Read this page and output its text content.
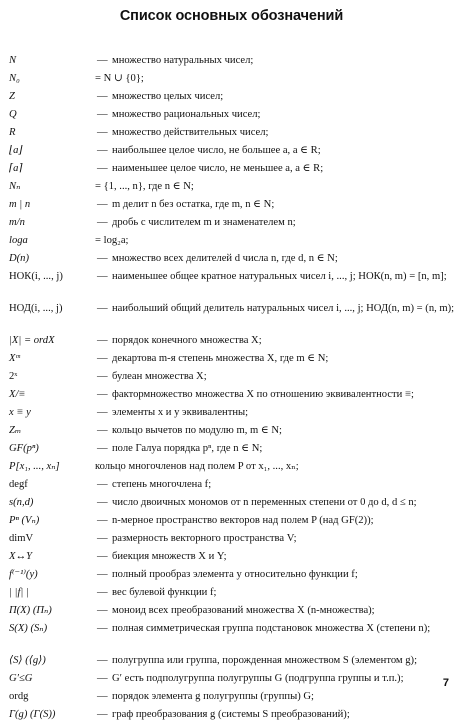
Список основных обозначений
N	— множество натуральных чисел;
N₀	= N ∪ {0};
Z	— множество целых чисел;
Q	— множество рациональных чисел;
R	— множество действительных чисел;
⌊a⌋	— наибольшее целое число, не большее a, a ∈ R;
⌈a⌉	— наименьшее целое число, не меньшее a, a ∈ R;
Nₙ	= {1, ..., n}, где n ∈ N;
m | n	— m делит n без остатка, где m, n ∈ N;
m/n	— дробь с числителем m и знаменателем n;
loga	= log₂a;
D(n)	— множество всех делителей d числа n, где d, n ∈ N;
НОК(i, ..., j)	— наименьшее общее кратное натуральных чисел i, ..., j; НОК(n, m) = [n, m];
НОД(i, ..., j)	— наибольший общий делитель натуральных чисел i, ..., j; НОД(n, m) = (n, m);
|X| = ordX	— порядок конечного множества X;
Xᵐ	— декартова m-я степень множества X, где m ∈ N;
2ˣ	— булеан множества X;
X/≡	— фактормножество множества X по отношению эквивалентности ≡;
x ≡ y	— элементы x и y эквивалентны;
Zₘ	— кольцо вычетов по модулю m, m ∈ N;
GF(pⁿ)	— поле Галуа порядка pⁿ, где n ∈ N;
P[x₁, ..., xₙ]	кольцо многочленов над полем P от x₁, ..., xₙ;
degf	— степень многочлена f;
s(n,d)	— число двоичных мономов от n переменных степени от 0 до d, d ≤ n;
Pⁿ (Vₙ)	— n-мерное пространство векторов над полем P (над GF(2));
dimV	— размерность векторного пространства V;
X↔Y	— биекция множеств X и Y;
f⁽⁻¹⁾(y)	— полный прообраз элемента y относительно функции f;
| |f| |	— вес булевой функции f;
Π(X) (Πₙ)	— моноид всех преобразований множества X (n-множества);
S(X) (Sₙ)	— полная симметрическая группа подстановок множества X (степени n);
⟨S⟩ (⟨g⟩)	— полугруппа или группа, порожденная множеством S (элементом g);
G′≤G	— G′ есть подполугруппа полугруппы G (подгруппа группы и т.п.);
ordg	— порядок элемента g полугруппы (группы) G;
Γ(g) (Γ(S))	— граф преобразования g (системы S преобразований);
7
